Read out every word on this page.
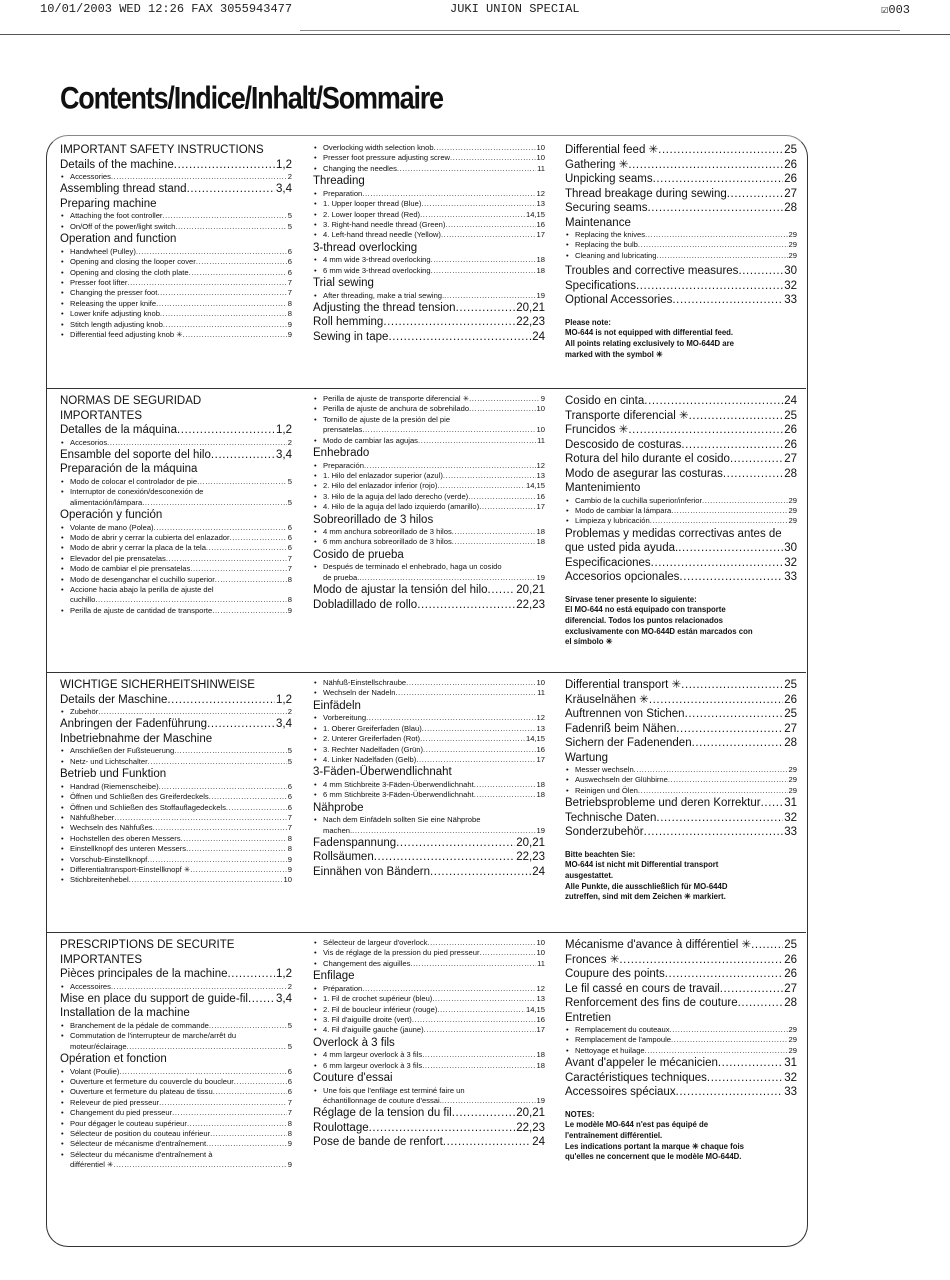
10/01/2003 WED 12:26 FAX 3055943477	JUKI UNION SPECIAL	☑003
Contents/Indice/Inhalt/Sommaire
IMPORTANT SAFETY INSTRUCTIONS
Details of the machine .....	1,2
• Accessories .....	2
Assembling thread stand .....	3,4
Preparing machine
• Attaching the foot controller .....	5
• On/Off of the power/light switch .....	5
Operation and function
• Handwheel (Pulley) .....	6
• Opening and closing the looper cover .....	6
• Opening and closing the cloth plate .....	6
• Presser foot lifter .....	7
• Changing the presser foot .....	7
• Releasing the upper knife .....	8
• Lower knife adjusting knob .....	8
• Stitch length adjusting knob .....	9
• Differential feed adjusting knob ✳ .....	9
• Overlocking width selection knob .....	10
• Presser foot pressure adjusting screw .....	10
• Changing the needles .....	11
Threading
• Preparation .....	12
• 1. Upper looper thread (Blue) .....	13
• 2. Lower looper thread (Red) .....	14,15
• 3. Right-hand needle thread (Green) .....	16
• 4. Left-hand thread needle (Yellow) .....	17
3-thread overlocking
• 4 mm wide 3-thread overlocking .....	18
• 6 mm wide 3-thread overlocking .....	18
Trial sewing
• After threading, make a trial sewing. .....	19
Adjusting the thread tension .....	20,21
Roll hemming .....	22,23
Sewing in tape .....	24
Differential feed ✳ .....	25
Gathering ✳ .....	26
Unpicking seams .....	26
Thread breakage during sewing .....	27
Securing seams .....	28
Maintenance
• Replacing the knives .....	29
• Replacing the bulb .....	29
• Cleaning and lubricating .....	29
Troubles and corrective measures .....	30
Specifications .....	32
Optional Accessories .....	33
Please note:
MO-644 is not equipped with differential feed.
All points relating exclusively to MO-644D are
marked with the symbol ✳
NORMAS DE SEGURIDAD
IMPORTANTES
Detalles de la máquina .....	1,2
• Accesorios .....	2
Ensamble del soporte del hilo .....	3,4
Preparación de la máquina
• Modo de colocar el controlador de pie .....	5
• Interruptor de conexión/desconexión de
alimentación/lámpara .....	5
Operación y función
• Volante de mano (Polea) .....	6
• Modo de abrir y cerrar la cubierta del enlazador .....	6
• Modo de abrir y cerrar la placa de la tela .....	6
• Elevador del pie prensatelas .....	7
• Modo de cambiar el pie prensatelas .....	7
• Modo de desenganchar el cuchillo superior .....	8
• Accione hacia abajo la perilla de ajuste del
cuchillo .....	8
• Perilla de ajuste de cantidad de transporte .....	9
• Perilla de ajuste de transporte diferencial ✳ .....	9
• Perilla de ajuste de anchura de sobrehilado .....	10
• Tornillo de ajuste de la presión del pie
prensatelas .....	10
• Modo de cambiar las agujas .....	11
Enhebrado
• Preparación .....	12
• 1. Hilo del enlazador superior (azul) .....	13
• 2. Hilo del enlazador inferior (rojo) .....	14,15
• 3. Hilo de la aguja del lado derecho (verde) .....	16
• 4. Hilo de la aguja del lado izquierdo (amarillo) .....	17
Sobreorillado de 3 hilos
• 4 mm anchura sobreorillado de 3 hilos .....	18
• 6 mm anchura sobreorillado de 3 hilos .....	18
Cosido de prueba
• Después de terminado el enhebrado, haga un cosido
de prueba. .....	19
Modo de ajustar la tensión del hilo ..... 20,21
Dobladillado de rollo .....	22,23
Cosido en cinta .....	24
Transporte diferencial ✳ .....	25
Fruncidos ✳ .....	26
Descosido de costuras .....	26
Rotura del hilo durante el cosido .....	27
Modo de asegurar las costuras .....	28
Mantenimiento
• Cambio de la cuchilla superior/inferior .....	29
• Modo de cambiar la lámpara .....	29
• Limpieza y lubricación .....	29
Problemas y medidas correctivas antes de
que usted pida ayuda. .....	30
Especificaciones .....	32
Accesorios opcionales .....	33
Sírvase tener presente lo siguiente:
El MO-644 no está equipado con transporte
diferencial. Todos los puntos relacionados
exclusivamente con MO-644D están marcados con
el símbolo ✳
WICHTIGE SICHERHEITSHINWEISE
Details der Maschine .....	1,2
• Zubehör .....	2
Anbringen der Fadenführung .....	3,4
Inbetriebnahme der Maschine
• Anschließen der Fußsteuerung .....	5
• Netz- und Lichtschalter .....	5
Betrieb und Funktion
• Handrad (Riemenscheibe) .....	6
• Öffnen und Schließen des Greiferdeckels .....	6
• Öffnen und Schließen des Stoffauflagedeckels .....	6
• Nähfußheber .....	7
• Wechseln des Nähfußes .....	7
• Hochstellen des oberen Messers .....	8
• Einstellknopf des unteren Messers .....	8
• Vorschub-Einstellknopf .....	9
• Differentialtransport-Einstellknopf ✳ .....	9
• Stichbreitenhebel .....	10
• Nähfuß-Einstellschraube .....	10
• Wechseln der Nadeln .....	11
Einfädeln
• Vorbereitung .....	12
• 1. Oberer Greiferfaden (Blau) .....	13
• 2. Unterer Greiferfaden (Rot) .....	14,15
• 3. Rechter Nadelfaden (Grün) .....	16
• 4. Linker Nadelfaden (Gelb) .....	17
3-Fäden-Überwendlichnaht
• 4 mm Stichbreite 3-Fäden-Überwendlichnaht .....	18
• 6 mm Stichbreite 3-Fäden-Überwendlichnaht .....	18
Nähprobe
• Nach dem Einfädeln sollten Sie eine Nähprobe
machen. .....	19
Fadenspannung .....	20,21
Rollsäumen .....	22,23
Einnähen von Bändern .....	24
Differential transport ✳ .....	25
Kräuselnähen ✳ .....	26
Auftrennen von Stichen .....	25
Fadenriß beim Nähen .....	27
Sichern der Fadenenden .....	28
Wartung
• Messer wechseln .....	29
• Auswechseln der Glühbirne .....	29
• Reinigen und Ölen .....	29
Betriebsprobleme und deren Korrektur ..... 31
Technische Daten .....	32
Sonderzubehör .....	33
Bitte beachten Sie:
MO-644 ist nicht mit Differential transport
ausgestattet.
Alle Punkte, die ausschließlich für MO-644D
zutreffen, sind mit dem Zeichen ✳ markiert.
PRESCRIPTIONS DE SECURITE
IMPORTANTES
Pièces principales de la machine .....	1,2
• Accessoires .....	2
Mise en place du support de guide-fil ..... 3,4
Installation de la machine
• Branchement de la pédale de commande .....	5
• Commutation de l'interrupteur de marche/arrêt du
moteur/éclairage .....	5
Opération et fonction
• Volant (Poulie) .....	6
• Ouverture et fermeture du couvercle du boucleur .....	6
• Ouverture et fermeture du plateau de tissu .....	6
• Releveur de pied presseur .....	7
• Changement du pied presseur .....	7
• Pour dégager le couteau supérieur .....	8
• Sélecteur de position du couteau inférieur .....	8
• Sélecteur de mécanisme d'entraînement .....	9
• Sélecteur du mécanisme d'entraînement à
différentiel ✳ .....	9
• Sélecteur de largeur d'overlock .....	10
• Vis de réglage de la pression du pied presseur .....	10
• Changement des aiguilles .....	11
Enfilage
• Préparation .....	12
• 1. Fil de crochet supérieur (bleu) .....	13
• 2. Fil de boucleur inférieur (rouge) .....	14,15
• 3. Fil d'aiguille droite (vert) .....	16
• 4. Fil d'aiguille gauche (jaune) .....	17
Overlock à 3 fils
• 4 mm largeur overlock à 3 fils .....	18
• 6 mm largeur overlock à 3 fils .....	18
Couture d'essai
• Une fois que l'enfilage est terminé faire un
échantillonnage de couture d'essai. .....	19
Réglage de la tension du fil .....	20,21
Roulottage .....	22,23
Pose de bande de renfort .....	24
Mécanisme d'avance à différentiel ✳ .....	25
Fronces ✳ .....	26
Coupure des points .....	26
Le fil cassé en cours de travail .....	27
Renforcement des fins de couture .....	28
Entretien
• Remplacement du couteaux .....	29
• Remplacement de l'ampoule .....	29
• Nettoyage et huilage .....	29
Avant d'appeler le mécanicien .....	31
Caractéristiques techniques .....	32
Accessoires spéciaux .....	33
NOTES:
Le modèle MO-644 n'est pas équipé de
l'entraînement différentiel.
Les indications portant la marque ✳ chaque fois
qu'elles ne concernent que le modèle MO-644D.
